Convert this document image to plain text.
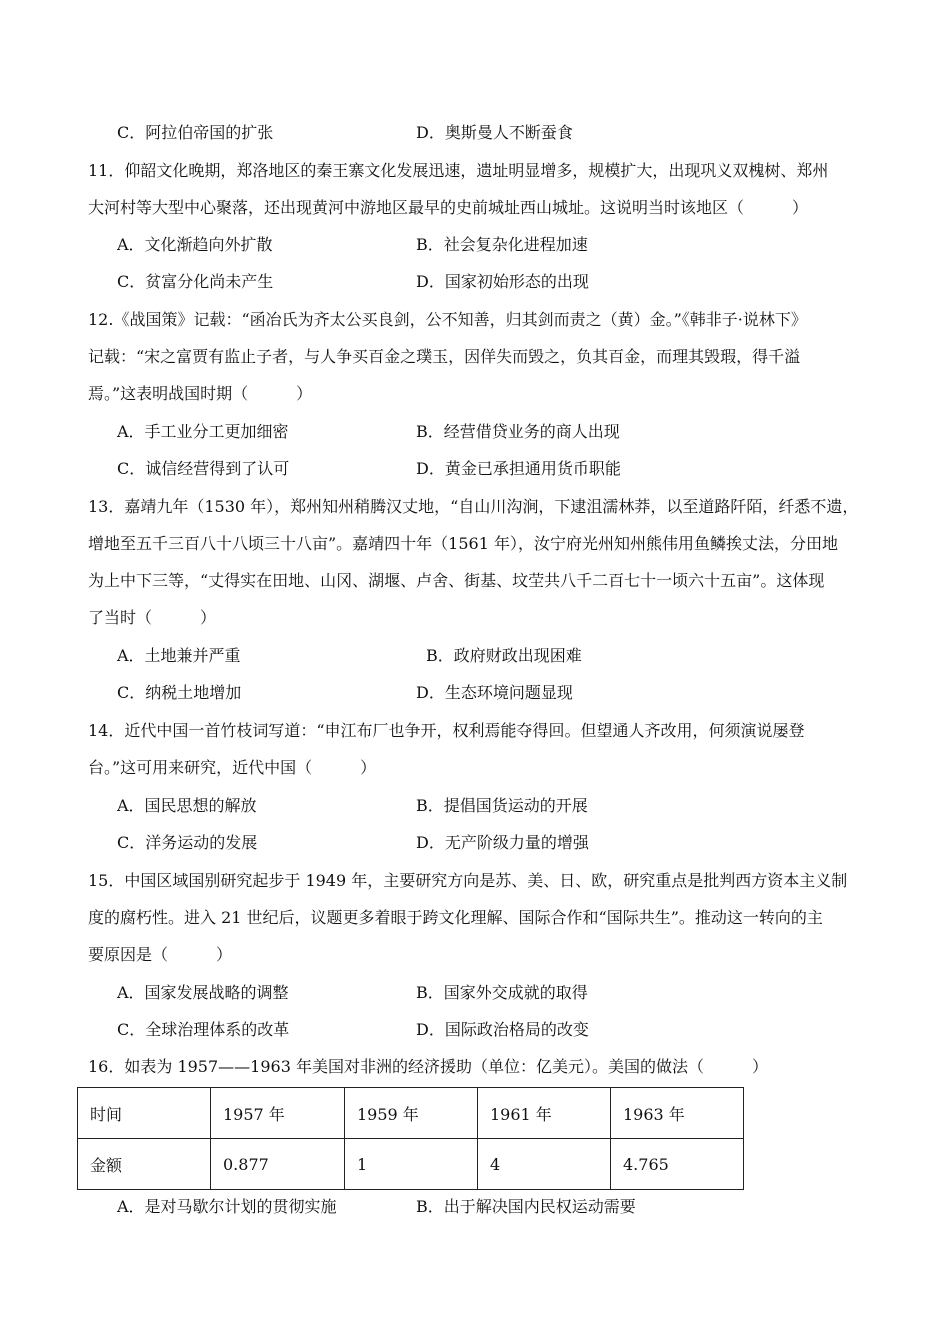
C．阿拉伯帝国的扩张	D．奥斯曼人不断蚕食
11．仰韶文化晚期，郑洛地区的秦王寨文化发展迅速，遗址明显增多，规模扩大，出现巩义双槐树、郑州
大河村等大型中心聚落，还出现黄河中游地区最早的史前城址西山城址。这说明当时该地区（　　　）
A．文化渐趋向外扩散	B．社会复杂化进程加速
C．贫富分化尚未产生	D．国家初始形态的出现
12.《战国策》记载：“函冶氏为齐太公买良剑，公不知善，归其剑而责之（黄）金。”《韩非子·说林下》
记载：“宋之富贾有监止子者，与人争买百金之璞玉，因佯失而毁之，负其百金，而理其毁瑕，得千溢
焉。”这表明战国时期（　　　）
A．手工业分工更加细密	B．经营借贷业务的商人出现
C．诚信经营得到了认可	D．黄金已承担通用货币职能
13．嘉靖九年（1530 年），郑州知州稍腾汉丈地，“自山川沟涧，下逮沮濡林莽，以至道路阡陌，纤悉不遗，
增地至五千三百八十八顷三十八亩”。嘉靖四十年（1561 年），汝宁府光州知州熊伟用鱼鳞挨丈法，分田地
为上中下三等，“丈得实在田地、山冈、湖堰、卢舍、街基、坟茔共八千二百七十一顷六十五亩”。这体现
了当时（　　　）
A．土地兼并严重	B．政府财政出现困难
C．纳税土地增加	D．生态环境问题显现
14．近代中国一首竹枝词写道：“申江布厂也争开，权利焉能夺得回。但望通人齐改用，何须演说屡登
台。”这可用来研究，近代中国（　　　）
A．国民思想的解放	B．提倡国货运动的开展
C．洋务运动的发展	D．无产阶级力量的增强
15．中国区域国别研究起步于 1949 年，主要研究方向是苏、美、日、欧，研究重点是批判西方资本主义制
度的腐朽性。进入 21 世纪后，议题更多着眼于跨文化理解、国际合作和“国际共生”。推动这一转向的主
要原因是（　　　）
A．国家发展战略的调整	B．国家外交成就的取得
C．全球治理体系的改革	D．国际政治格局的改变
16．如表为 1957——1963 年美国对非洲的经济援助（单位：亿美元）。美国的做法（　　　）
时间	1957 年	1959 年	1961 年	1963 年
金额	0.877	1	4	4.765
A．是对马歇尔计划的贯彻实施	B．出于解决国内民权运动需要
